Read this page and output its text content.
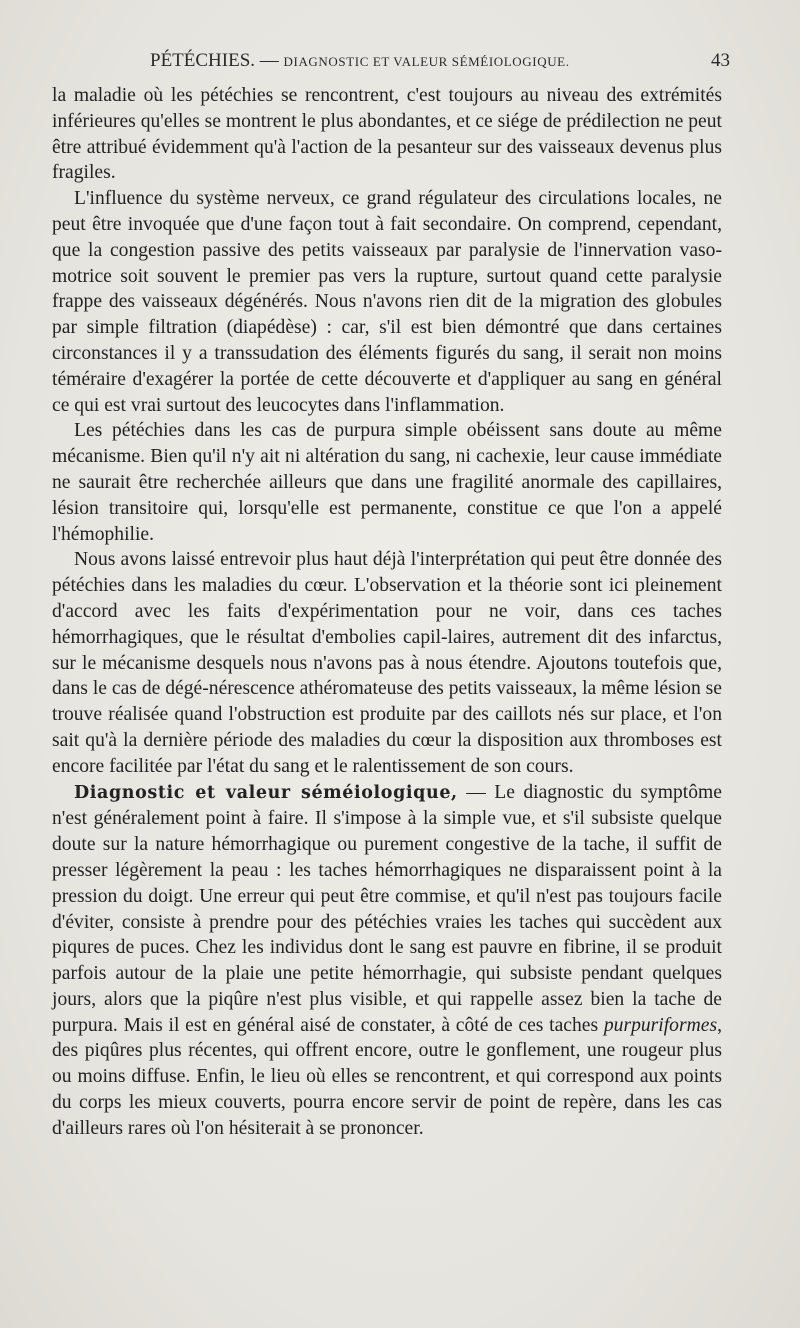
PÉTÉCHIES. — DIAGNOSTIC ET VALEUR SÉMÉIOLOGIQUE.	43

la maladie où les pétéchies se rencontrent, c'est toujours au niveau des extrémités inférieures qu'elles se montrent le plus abondantes, et ce siége de prédilection ne peut être attribué évidemment qu'à l'action de la pesanteur sur des vaisseaux devenus plus fragiles.

L'influence du système nerveux, ce grand régulateur des circulations locales, ne peut être invoquée que d'une façon tout à fait secondaire. On comprend, cependant, que la congestion passive des petits vaisseaux par paralysie de l'innervation vaso-motrice soit souvent le premier pas vers la rupture, surtout quand cette paralysie frappe des vaisseaux dégénérés. Nous n'avons rien dit de la migration des globules par simple filtration (diapédèse) : car, s'il est bien démontré que dans certaines circonstances il y a transsudation des éléments figurés du sang, il serait non moins téméraire d'exagérer la portée de cette découverte et d'appliquer au sang en général ce qui est vrai surtout des leucocytes dans l'inflammation.

Les pétéchies dans les cas de purpura simple obéissent sans doute au même mécanisme. Bien qu'il n'y ait ni altération du sang, ni cachexie, leur cause immédiate ne saurait être recherchée ailleurs que dans une fragilité anormale des capillaires, lésion transitoire qui, lorsqu'elle est permanente, constitue ce que l'on a appelé l'hémophilie.

Nous avons laissé entrevoir plus haut déjà l'interprétation qui peut être donnée des pétéchies dans les maladies du cœur. L'observation et la théorie sont ici pleinement d'accord avec les faits d'expérimentation pour ne voir, dans ces taches hémorrhagiques, que le résultat d'embolies capil-laires, autrement dit des infarctus, sur le mécanisme desquels nous n'avons pas à nous étendre. Ajoutons toutefois que, dans le cas de dégé-nérescence athéromateuse des petits vaisseaux, la même lésion se trouve réalisée quand l'obstruction est produite par des caillots nés sur place, et l'on sait qu'à la dernière période des maladies du cœur la disposition aux thromboses est encore facilitée par l'état du sang et le ralentissement de son cours.

Diagnostic et valeur séméiologique, — Le diagnostic du symptôme n'est généralement point à faire. Il s'impose à la simple vue, et s'il subsiste quelque doute sur la nature hémorrhagique ou purement congestive de la tache, il suffit de presser légèrement la peau : les taches hémorrhagiques ne disparaissent point à la pression du doigt. Une erreur qui peut être commise, et qu'il n'est pas toujours facile d'éviter, consiste à prendre pour des pétéchies vraies les taches qui succèdent aux piqures de puces. Chez les individus dont le sang est pauvre en fibrine, il se produit parfois autour de la plaie une petite hémorrhagie, qui subsiste pendant quelques jours, alors que la piqûre n'est plus visible, et qui rappelle assez bien la tache de purpura. Mais il est en général aisé de constater, à côté de ces taches purpuriformes, des piqûres plus récentes, qui offrent encore, outre le gonflement, une rougeur plus ou moins diffuse. Enfin, le lieu où elles se rencontrent, et qui correspond aux points du corps les mieux couverts, pourra encore servir de point de repère, dans les cas d'ailleurs rares où l'on hésiterait à se prononcer.
